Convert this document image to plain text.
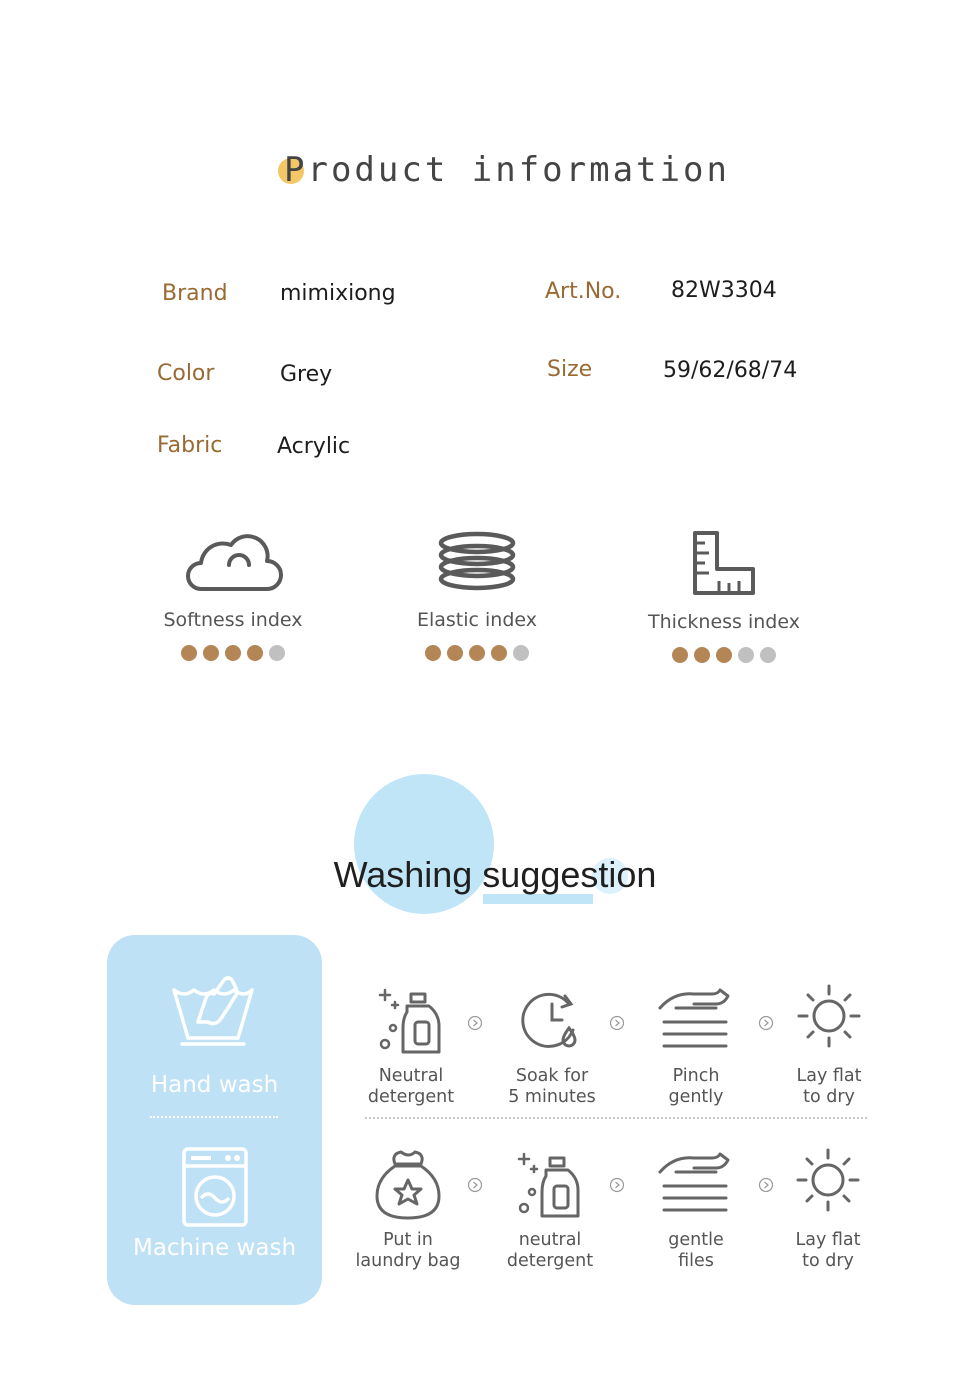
Product information
Brand mimixiong	Art.No. 82W3304
Color	Grey	Size	59/62/68/74
Fabric Acrylic
Softness index	Elastic index	Thickness index
Washing suggestion
Hand wash
Machine wash
Neutral
detergent
Soak for
5 minutes
Pinch
gently
Lay flat
to dry
Put in
laundry bag
neutral
detergent
gentle
files
Lay flat
to dry
